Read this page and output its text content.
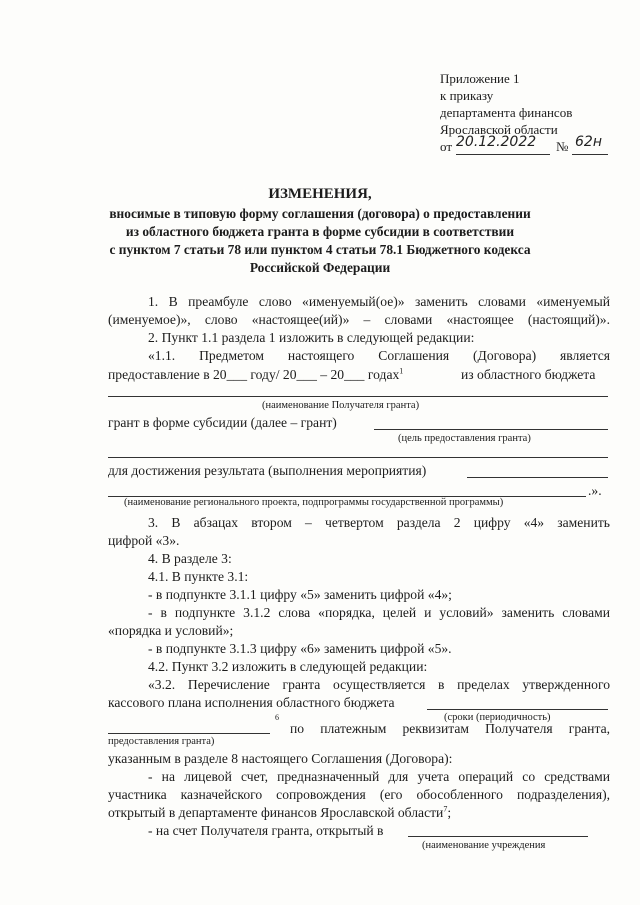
Приложение 1
к приказу
департамента финансов
Ярославской области
от 20.12.2022 № 62н
ИЗМЕНЕНИЯ,
вносимые в типовую форму соглашения (договора) о предоставлении
из областного бюджета гранта в форме субсидии в соответствии
с пунктом 7 статьи 78 или пунктом 4 статьи 78.1 Бюджетного кодекса
Российской Федерации
1. В преамбуле слово «именуемый(ое)» заменить словами «именуемый
(именуемое)», слово «настоящее(ий)» – словами «настоящее (настоящий)».
2. Пункт 1.1 раздела 1 изложить в следующей редакции:
«1.1. Предметом настоящего Соглашения (Договора) является
предоставление в 20___ году/ 20___ – 20___ годах$^1$	из областного бюджета
(наименование Получателя гранта)
грант в форме субсидии (далее – грант)
(цель предоставления гранта)
для достижения результата (выполнения мероприятия)
.».
(наименование регионального проекта, подпрограммы государственной программы)
3. В абзацах втором – четвертом раздела 2 цифру «4» заменить
цифрой «3».
4. В разделе 3:
4.1. В пункте 3.1:
- в подпункте 3.1.1 цифру «5» заменить цифрой «4»;
- в подпункте 3.1.2 слова «порядка, целей и условий» заменить словами
«порядка и условий»;
- в подпункте 3.1.3 цифру «6» заменить цифрой «5».
4.2. Пункт 3.2 изложить в следующей редакции:
«3.2. Перечисление гранта осуществляется в пределах утвержденного
кассового плана исполнения областного бюджета
(сроки (периодичность)
6
по платежным реквизитам Получателя гранта,
предоставления гранта)
указанным в разделе 8 настоящего Соглашения (Договора):
- на лицевой счет, предназначенный для учета операций со средствами
участника казначейского сопровождения (его обособленного подразделения),
открытый в департаменте финансов Ярославской области$^7$;
- на счет Получателя гранта, открытый в
(наименование учреждения
